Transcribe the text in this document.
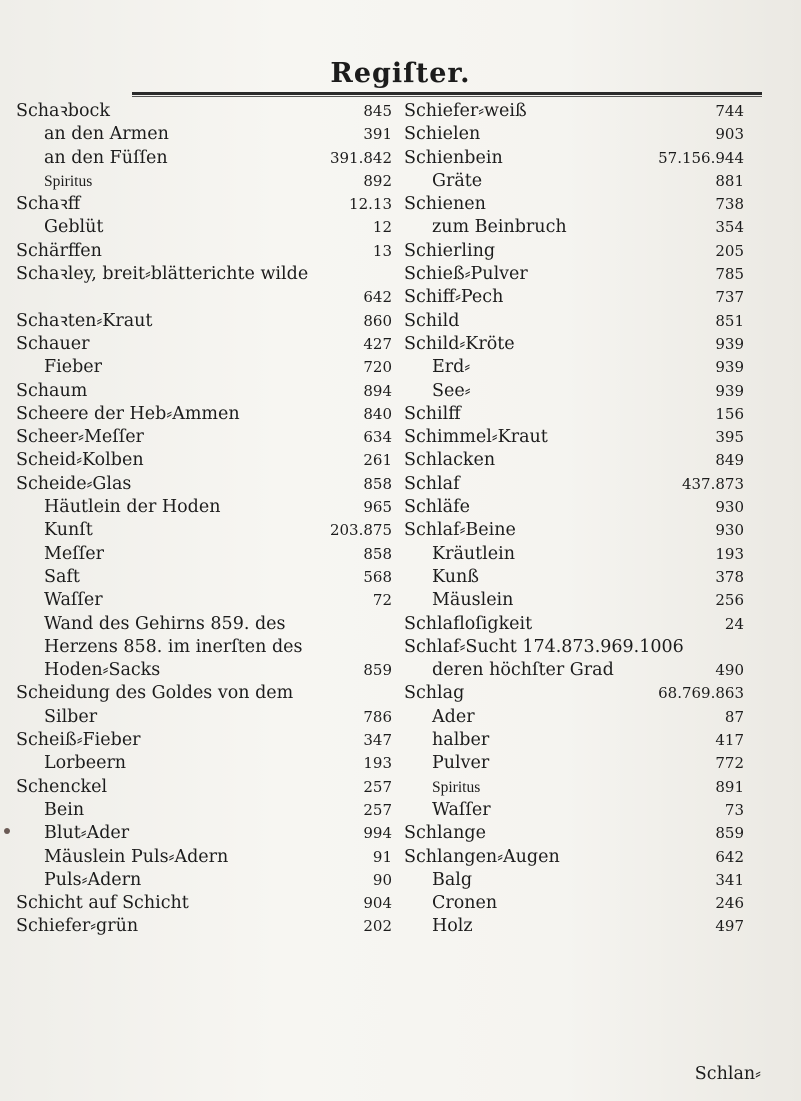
Regiſter.
Schaꝛbock	845
an den Armen	391
an den Füſſen	391.842
Spiritus	892
Schaꝛff	12.13
Geblüt	12
Schärffen	13
Schaꝛley, breit⸗blätterichte wilde
642
Schaꝛten⸗Kraut	860
Schauer	427
Fieber	720
Schaum	894
Scheere der Heb⸗Ammen	840
Scheer⸗Meſſer	634
Scheid⸗Kolben	261
Scheide⸗Glas	858
Häutlein der Hoden	965
Kunſt	203.875
Meſſer	858
Saft	568
Waſſer	72
Wand des Gehirns 859. des
Herzens 858. im inerſten des
Hoden⸗Sacks	859
Scheidung des Goldes von dem
Silber	786
Scheiß⸗Fieber	347
Lorbeern	193
Schenckel	257
Bein	257
Blut⸗Ader	994
Mäuslein Puls⸗Adern	91
Puls⸗Adern	90
Schicht auf Schicht	904
Schiefer⸗grün	202
Schiefer⸗weiß	744
Schielen	903
Schienbein	57.156.944
Gräte	881
Schienen	738
zum Beinbruch	354
Schierling	205
Schieß⸗Pulver	785
Schiff⸗Pech	737
Schild	851
Schild⸗Kröte	939
Erd⸗	939
See⸗	939
Schilff	156
Schimmel⸗Kraut	395
Schlacken	849
Schlaf	437.873
Schläfe	930
Schlaf⸗Beine	930
Kräutlein	193
Kunß	378
Mäuslein	256
Schlafloſigkeit	24
Schlaf⸗Sucht 174.873.969.1006
deren höchſter Grad	490
Schlag	68.769.863
Ader	87
halber	417
Pulver	772
Spiritus	891
Waſſer	73
Schlange	859
Schlangen⸗Augen	642
Balg	341
Cronen	246
Holz	497
Schlan⸗
